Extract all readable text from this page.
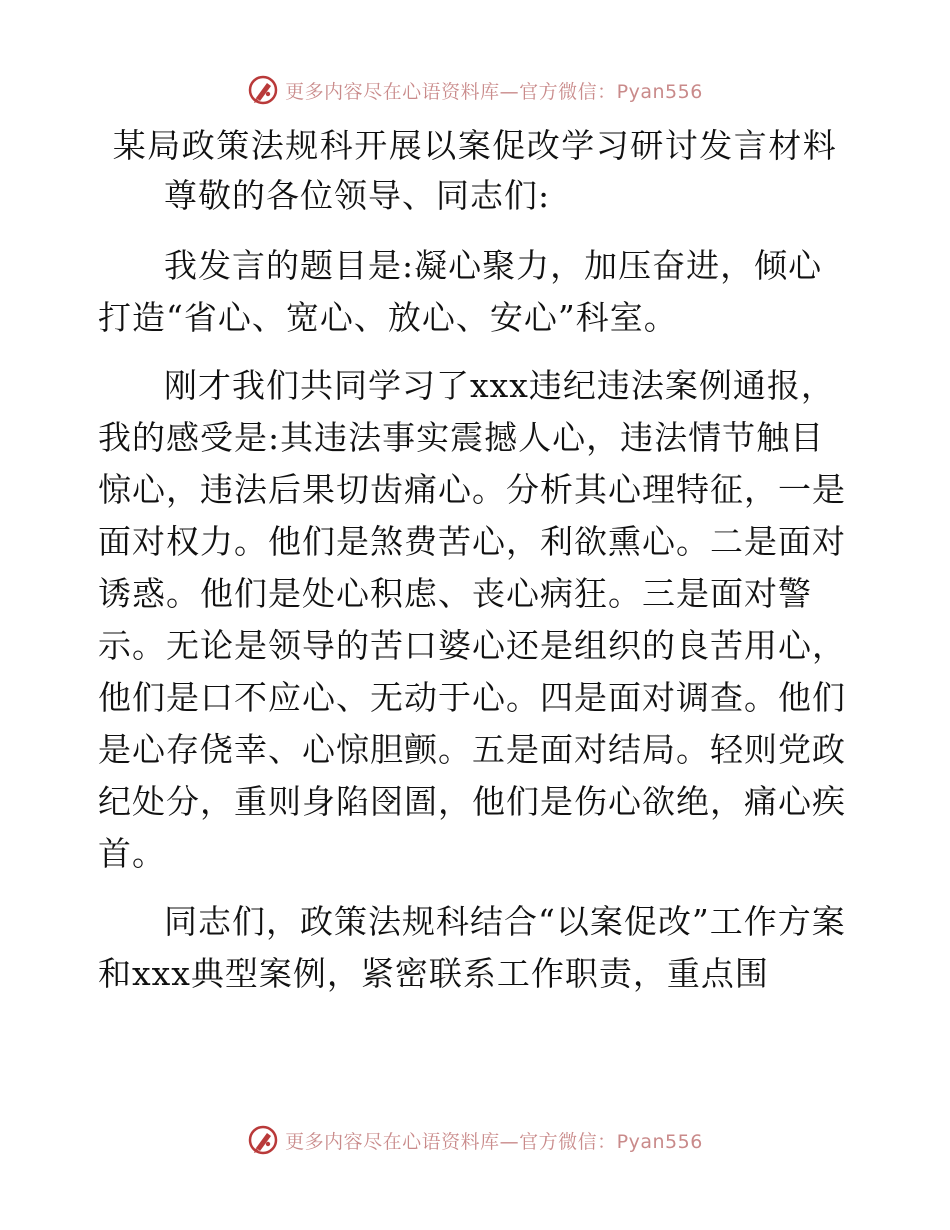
更多内容尽在心语资料库—官方微信：Pyan556
某局政策法规科开展以案促改学习研讨发言材料

尊敬的各位领导、同志们:

我发言的题目是:凝心聚力，加压奋进，倾心打造“省心、宽心、放心、安心”科室。

刚才我们共同学习了xxx违纪违法案例通报，我的感受是:其违法事实震撼人心，违法情节触目惊心，违法后果切齿痛心。分析其心理特征，一是面对权力。他们是煞费苦心，利欲熏心。二是面对诱惑。他们是处心积虑、丧心病狂。三是面对警示。无论是领导的苦口婆心还是组织的良苦用心，他们是口不应心、无动于心。四是面对调查。他们是心存侥幸、心惊胆颤。五是面对结局。轻则党政纪处分，重则身陷囹圄，他们是伤心欲绝，痛心疾首。

同志们，政策法规科结合“以案促改”工作方案和xxx典型案例，紧密联系工作职责，重点围

更多内容尽在心语资料库—官方微信：Pyan556
